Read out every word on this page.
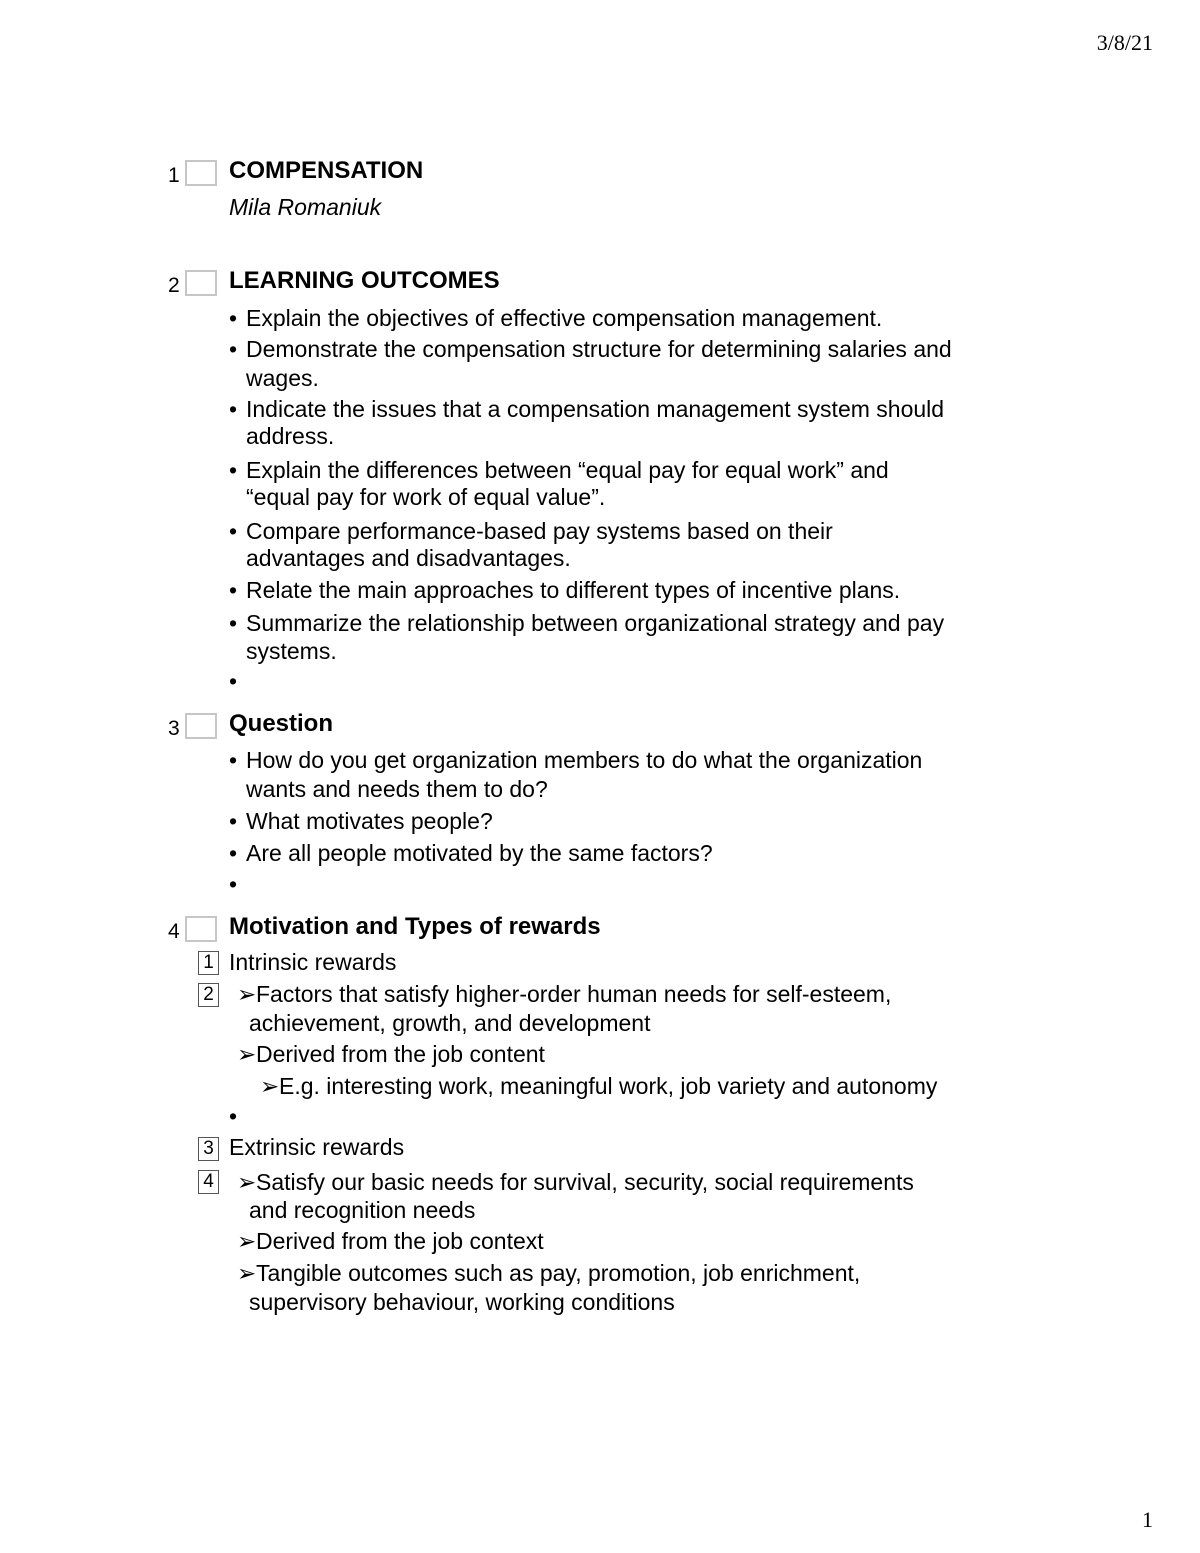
3/8/21
1
1 COMPENSATION
Mila Romaniuk
2 LEARNING OUTCOMES
• Explain the objectives of effective compensation management.
• Demonstrate the compensation structure for determining salaries and
wages.
• Indicate the issues that a compensation management system should
address.
• Explain the differences between “equal pay for equal work” and
“equal pay for work of equal value”.
• Compare performance-based pay systems based on their
advantages and disadvantages.
• Relate the main approaches to different types of incentive plans.
• Summarize the relationship between organizational strategy and pay
systems.
•
3 Question
• How do you get organization members to do what the organization
wants and needs them to do?
• What motivates people?
• Are all people motivated by the same factors?
•
4 Motivation and Types of rewards
1 Intrinsic rewards
2 ➢Factors that satisfy higher-order human needs for self-esteem,
achievement, growth, and development
➢Derived from the job content
➢E.g. interesting work, meaningful work, job variety and autonomy
•
3 Extrinsic rewards
4 ➢Satisfy our basic needs for survival, security, social requirements
and recognition needs
➢Derived from the job context
➢Tangible outcomes such as pay, promotion, job enrichment,
supervisory behaviour, working conditions
